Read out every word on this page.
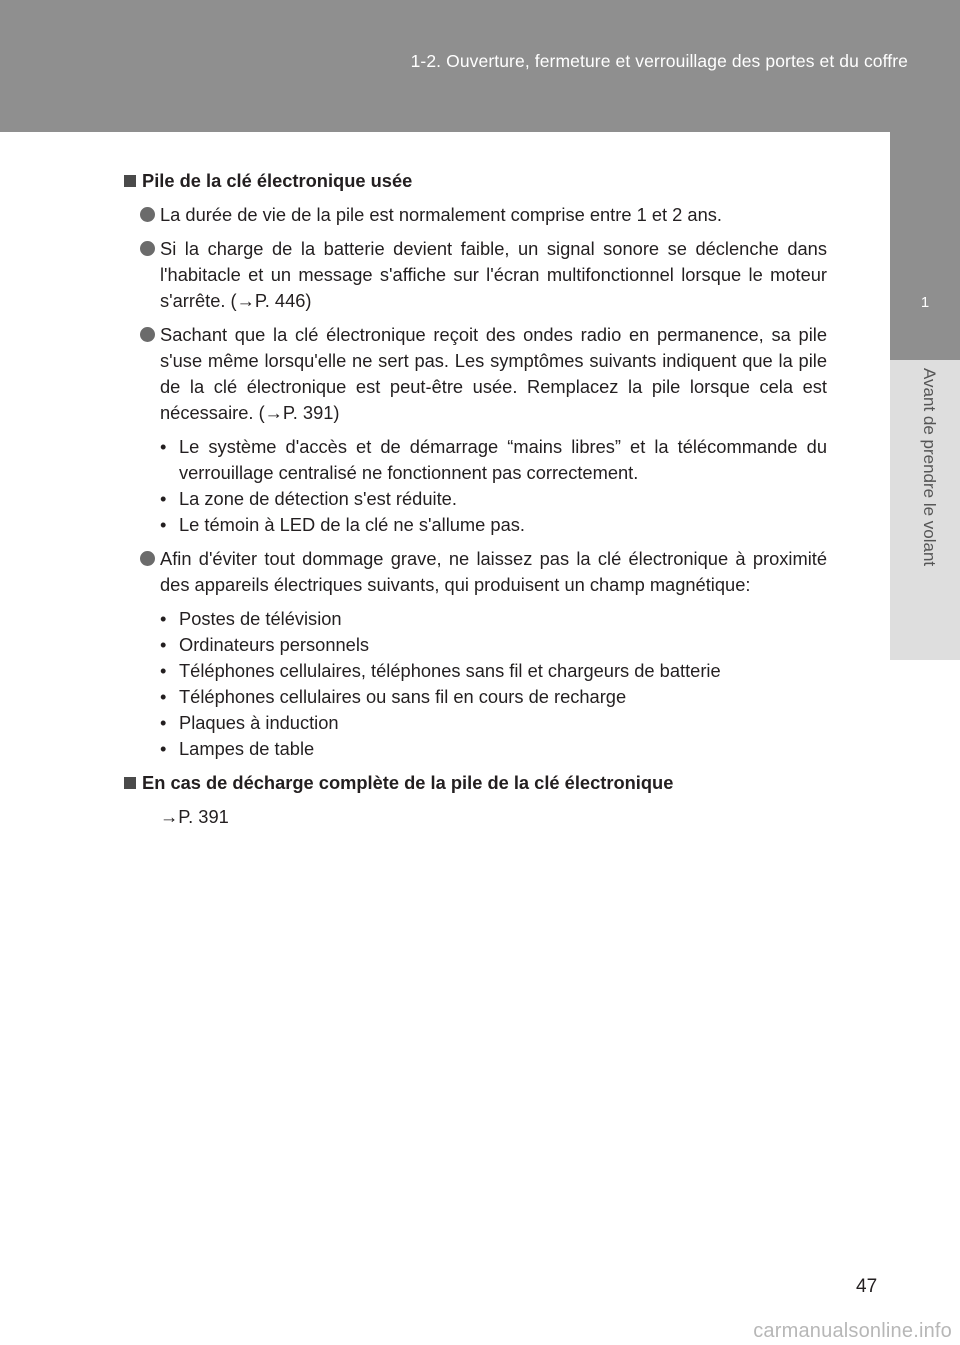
1-2. Ouverture, fermeture et verrouillage des portes et du coffre
1
Avant de prendre le volant
Pile de la clé électronique usée
La durée de vie de la pile est normalement comprise entre 1 et 2 ans.
Si la charge de la batterie devient faible, un signal sonore se déclenche dans l'habitacle et un message s'affiche sur l'écran multifonctionnel lorsque le moteur s'arrête. (→P. 446)
Sachant que la clé électronique reçoit des ondes radio en permanence, sa pile s'use même lorsqu'elle ne sert pas. Les symptômes suivants indiquent que la pile de la clé électronique est peut-être usée. Remplacez la pile lorsque cela est nécessaire. (→P. 391)
• Le système d'accès et de démarrage “mains libres” et la télécommande du verrouillage centralisé ne fonctionnent pas correctement.
• La zone de détection s'est réduite.
• Le témoin à LED de la clé ne s'allume pas.
Afin d'éviter tout dommage grave, ne laissez pas la clé électronique à proximité des appareils électriques suivants, qui produisent un champ magnétique:
• Postes de télévision
• Ordinateurs personnels
• Téléphones cellulaires, téléphones sans fil et chargeurs de batterie
• Téléphones cellulaires ou sans fil en cours de recharge
• Plaques à induction
• Lampes de table
En cas de décharge complète de la pile de la clé électronique
→P. 391
47
carmanualsonline.info
